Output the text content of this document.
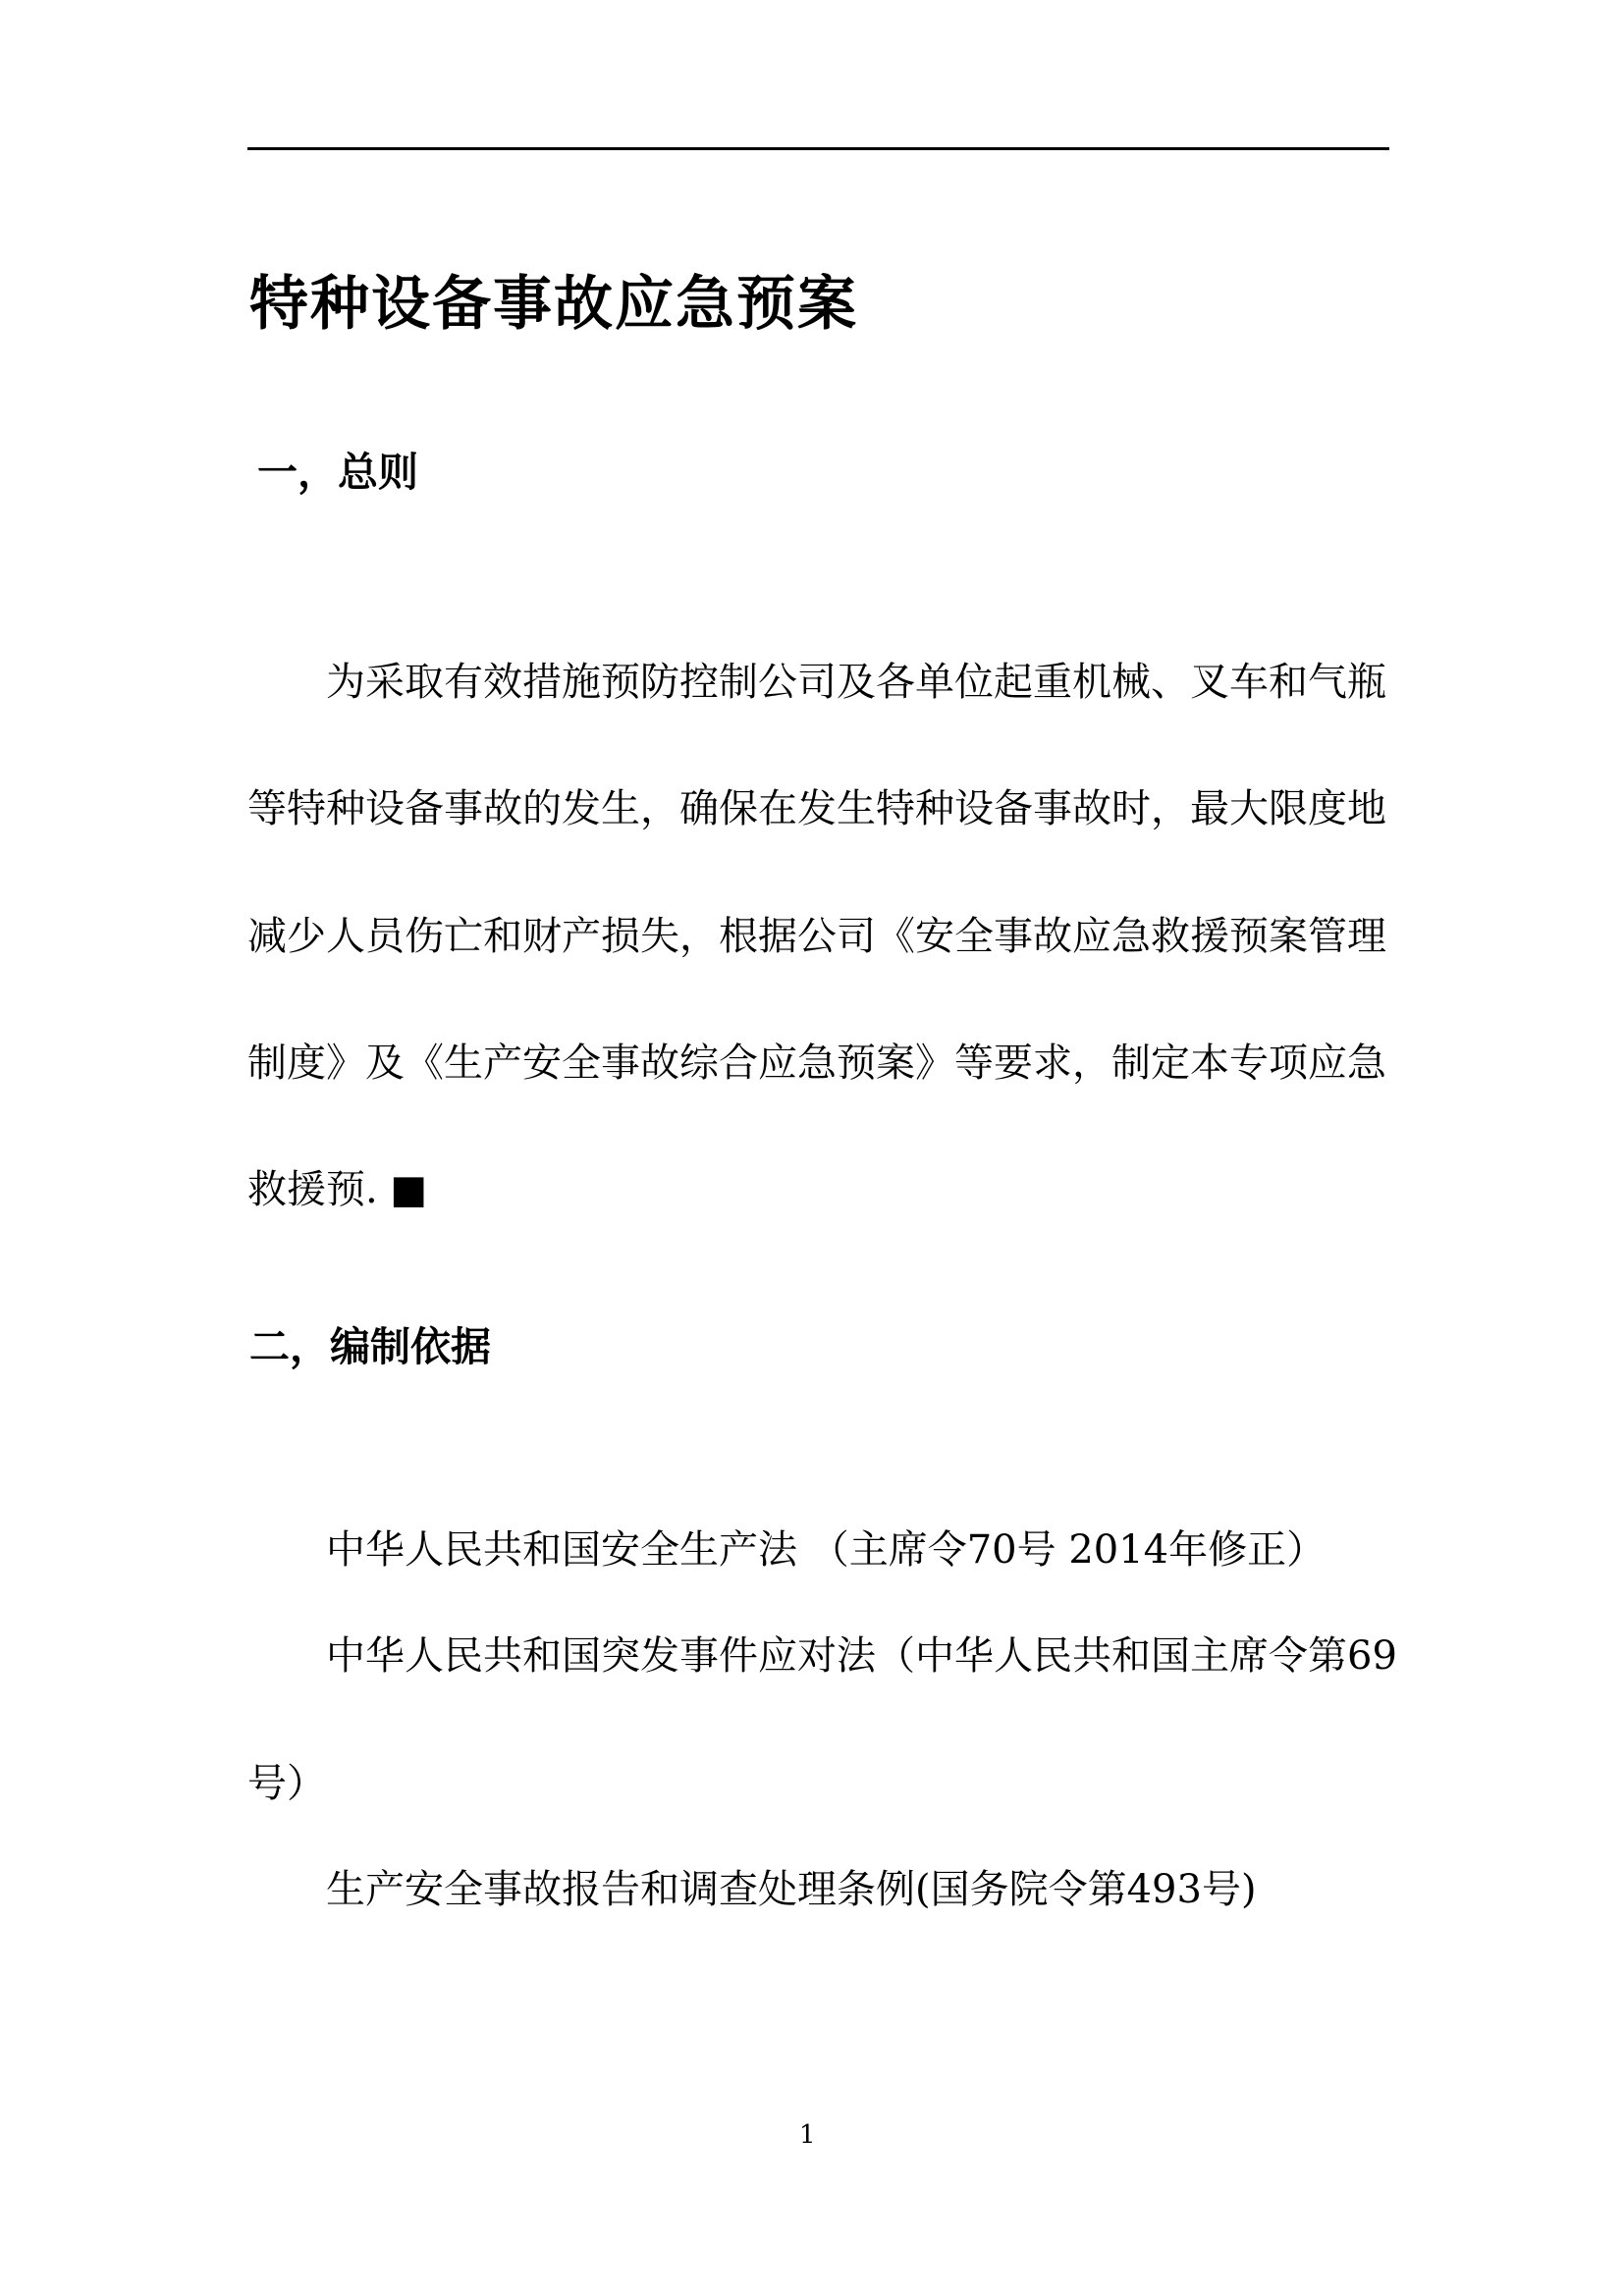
特种设备事故应急预案
一，总则
为采取有效措施预防控制公司及各单位起重机械、叉车和气瓶
等特种设备事故的发生，确保在发生特种设备事故时，最大限度地
减少人员伤亡和财产损失，根据公司《安全事故应急救援预案管理
制度》及《生产安全事故综合应急预案》等要求，制定本专项应急
救援预. ■
二，编制依据
中华人民共和国安全生产法 （主席令70号 2014年修正）
中华人民共和国突发事件应对法（中华人民共和国主席令第69
号）
生产安全事故报告和调查处理条例(国务院令第493号)
1
